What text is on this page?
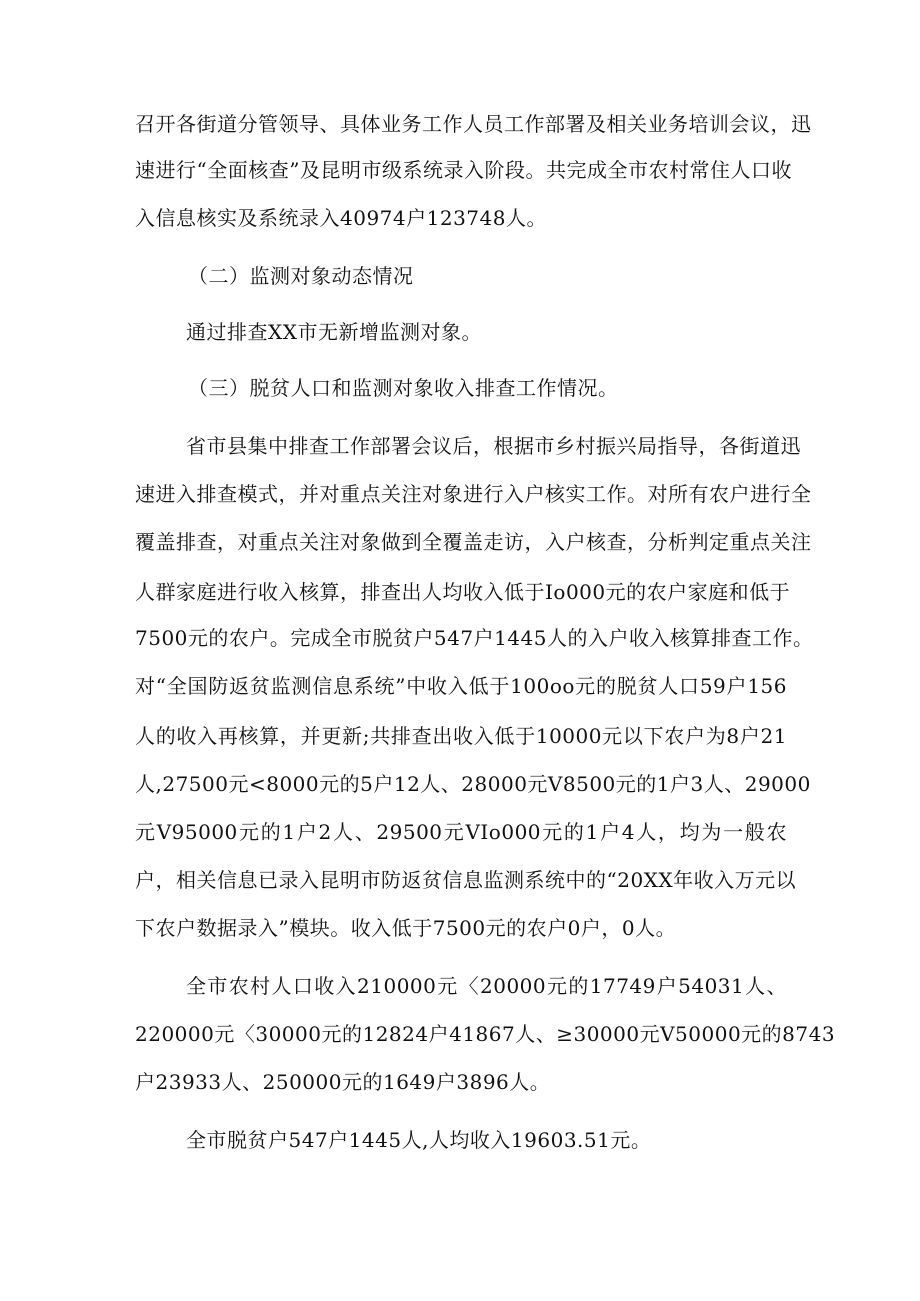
召开各街道分管领导、具体业务工作人员工作部署及相关业务培训会议，迅
速进行“全面核查”及昆明市级系统录入阶段。共完成全市农村常住人口收
入信息核实及系统录入40974户123748人。
（二）监测对象动态情况
通过排查XX市无新增监测对象。
（三）脱贫人口和监测对象收入排查工作情况。
省市县集中排查工作部署会议后，根据市乡村振兴局指导，各街道迅
速进入排查模式，并对重点关注对象进行入户核实工作。对所有农户进行全
覆盖排查，对重点关注对象做到全覆盖走访，入户核查，分析判定重点关注
人群家庭进行收入核算，排查出人均收入低于Io000元的农户家庭和低于
7500元的农户。完成全市脱贫户547户1445人的入户收入核算排查工作。
对“全国防返贫监测信息系统”中收入低于100oo元的脱贫人口59户156
人的收入再核算，并更新;共排查出收入低于10000元以下农户为8户21
人,27500元<8000元的5户12人、28000元V8500元的1户3人、29000
元V95000元的1户2人、29500元VIo000元的1户4人，均为一般农
户，相关信息已录入昆明市防返贫信息监测系统中的“20XX年收入万元以
下农户数据录入”模块。收入低于7500元的农户0户，0人。
全市农村人口收入210000元〈20000元的17749户54031人、
220000元〈30000元的12824户41867人、≥30000元V50000元的8743
户23933人、250000元的1649户3896人。
全市脱贫户547户1445人,人均收入19603.51元。
